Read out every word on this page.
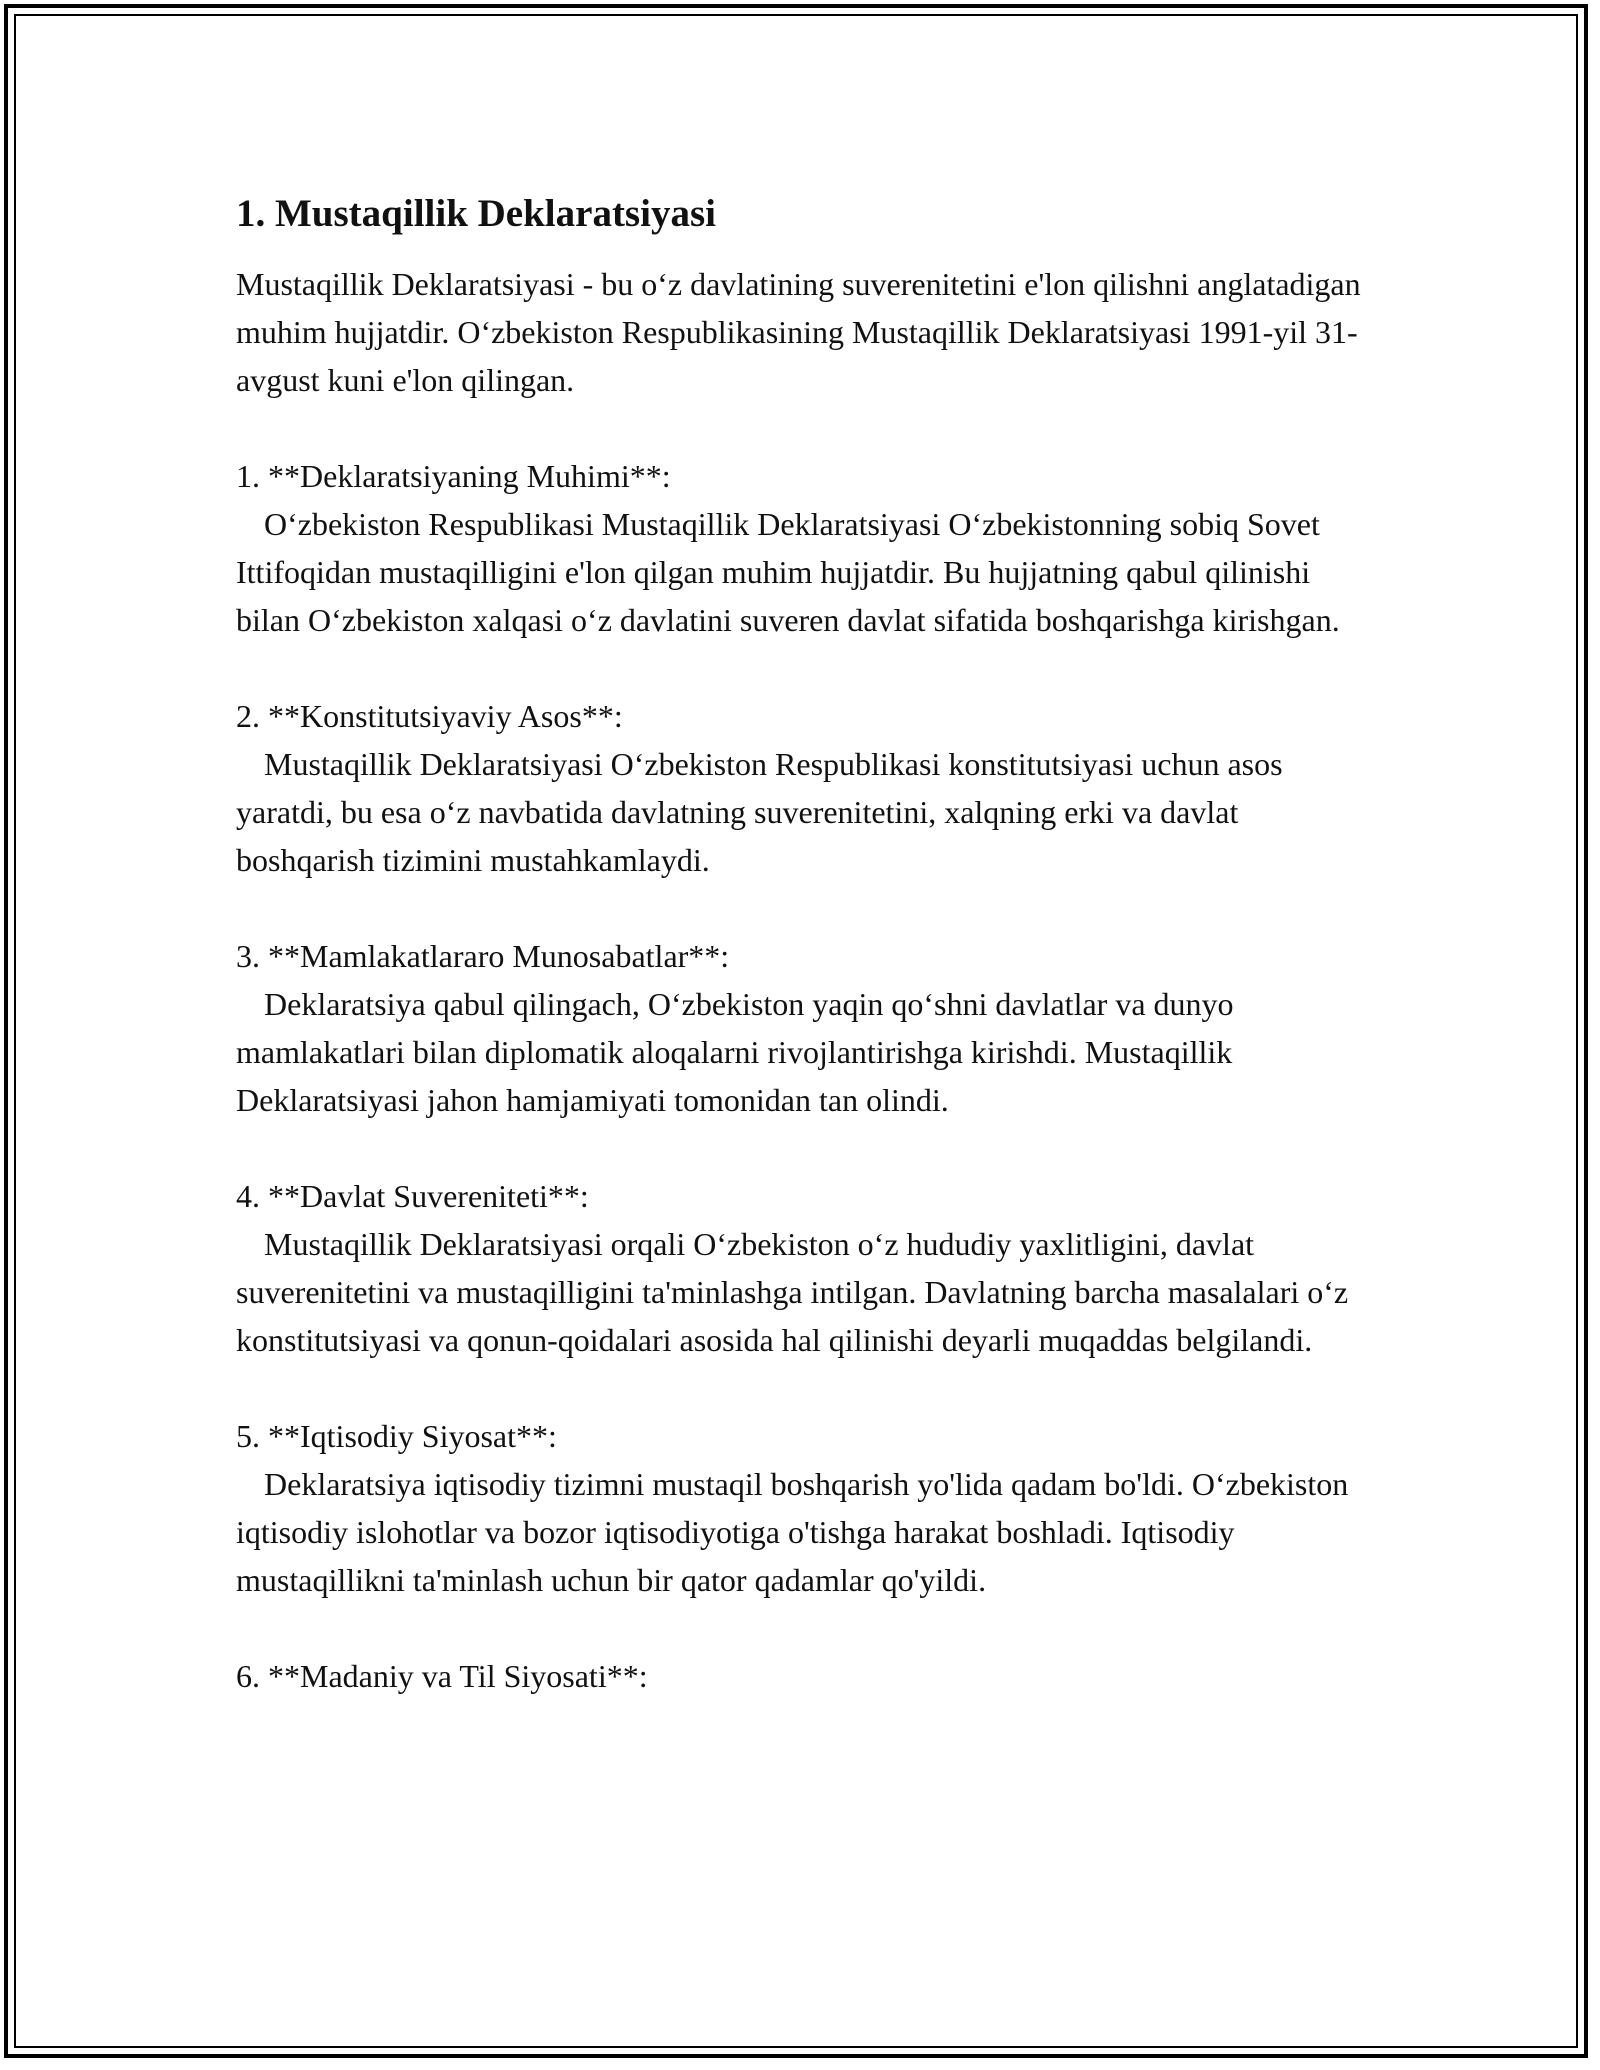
1. Mustaqillik Deklaratsiyasi

Mustaqillik Deklaratsiyasi - bu oʻz davlatining suverenitetini e'lon qilishni anglatadigan muhim hujjatdir. Oʻzbekiston Respublikasining Mustaqillik Deklaratsiyasi 1991-yil 31-avgust kuni e'lon qilingan.

1. **Deklaratsiyaning Muhimi**:

Oʻzbekiston Respublikasi Mustaqillik Deklaratsiyasi Oʻzbekistonning sobiq Sovet Ittifoqidan mustaqilligini e'lon qilgan muhim hujjatdir. Bu hujjatning qabul qilinishi bilan Oʻzbekiston xalqasi oʻz davlatini suveren davlat sifatida boshqarishga kirishgan.

2. **Konstitutsiyaviy Asos**:

Mustaqillik Deklaratsiyasi Oʻzbekiston Respublikasi konstitutsiyasi uchun asos yaratdi, bu esa oʻz navbatida davlatning suverenitetini, xalqning erki va davlat boshqarish tizimini mustahkamlaydi.

3. **Mamlakatlararo Munosabatlar**:

Deklaratsiya qabul qilingach, Oʻzbekiston yaqin qoʻshni davlatlar va dunyo mamlakatlari bilan diplomatik aloqalarni rivojlantirishga kirishdi. Mustaqillik Deklaratsiyasi jahon hamjamiyati tomonidan tan olindi.

4. **Davlat Suvereniteti**:

Mustaqillik Deklaratsiyasi orqali Oʻzbekiston oʻz hududiy yaxlitligini, davlat suverenitetini va mustaqilligini ta'minlashga intilgan. Davlatning barcha masalalari oʻz konstitutsiyasi va qonun-qoidalari asosida hal qilinishi deyarli muqaddas belgilandi.

5. **Iqtisodiy Siyosat**:

Deklaratsiya iqtisodiy tizimni mustaqil boshqarish yo'lida qadam bo'ldi. Oʻzbekiston iqtisodiy islohotlar va bozor iqtisodiyotiga o'tishga harakat boshladi. Iqtisodiy mustaqillikni ta'minlash uchun bir qator qadamlar qo'yildi.

6. **Madaniy va Til Siyosati**:
